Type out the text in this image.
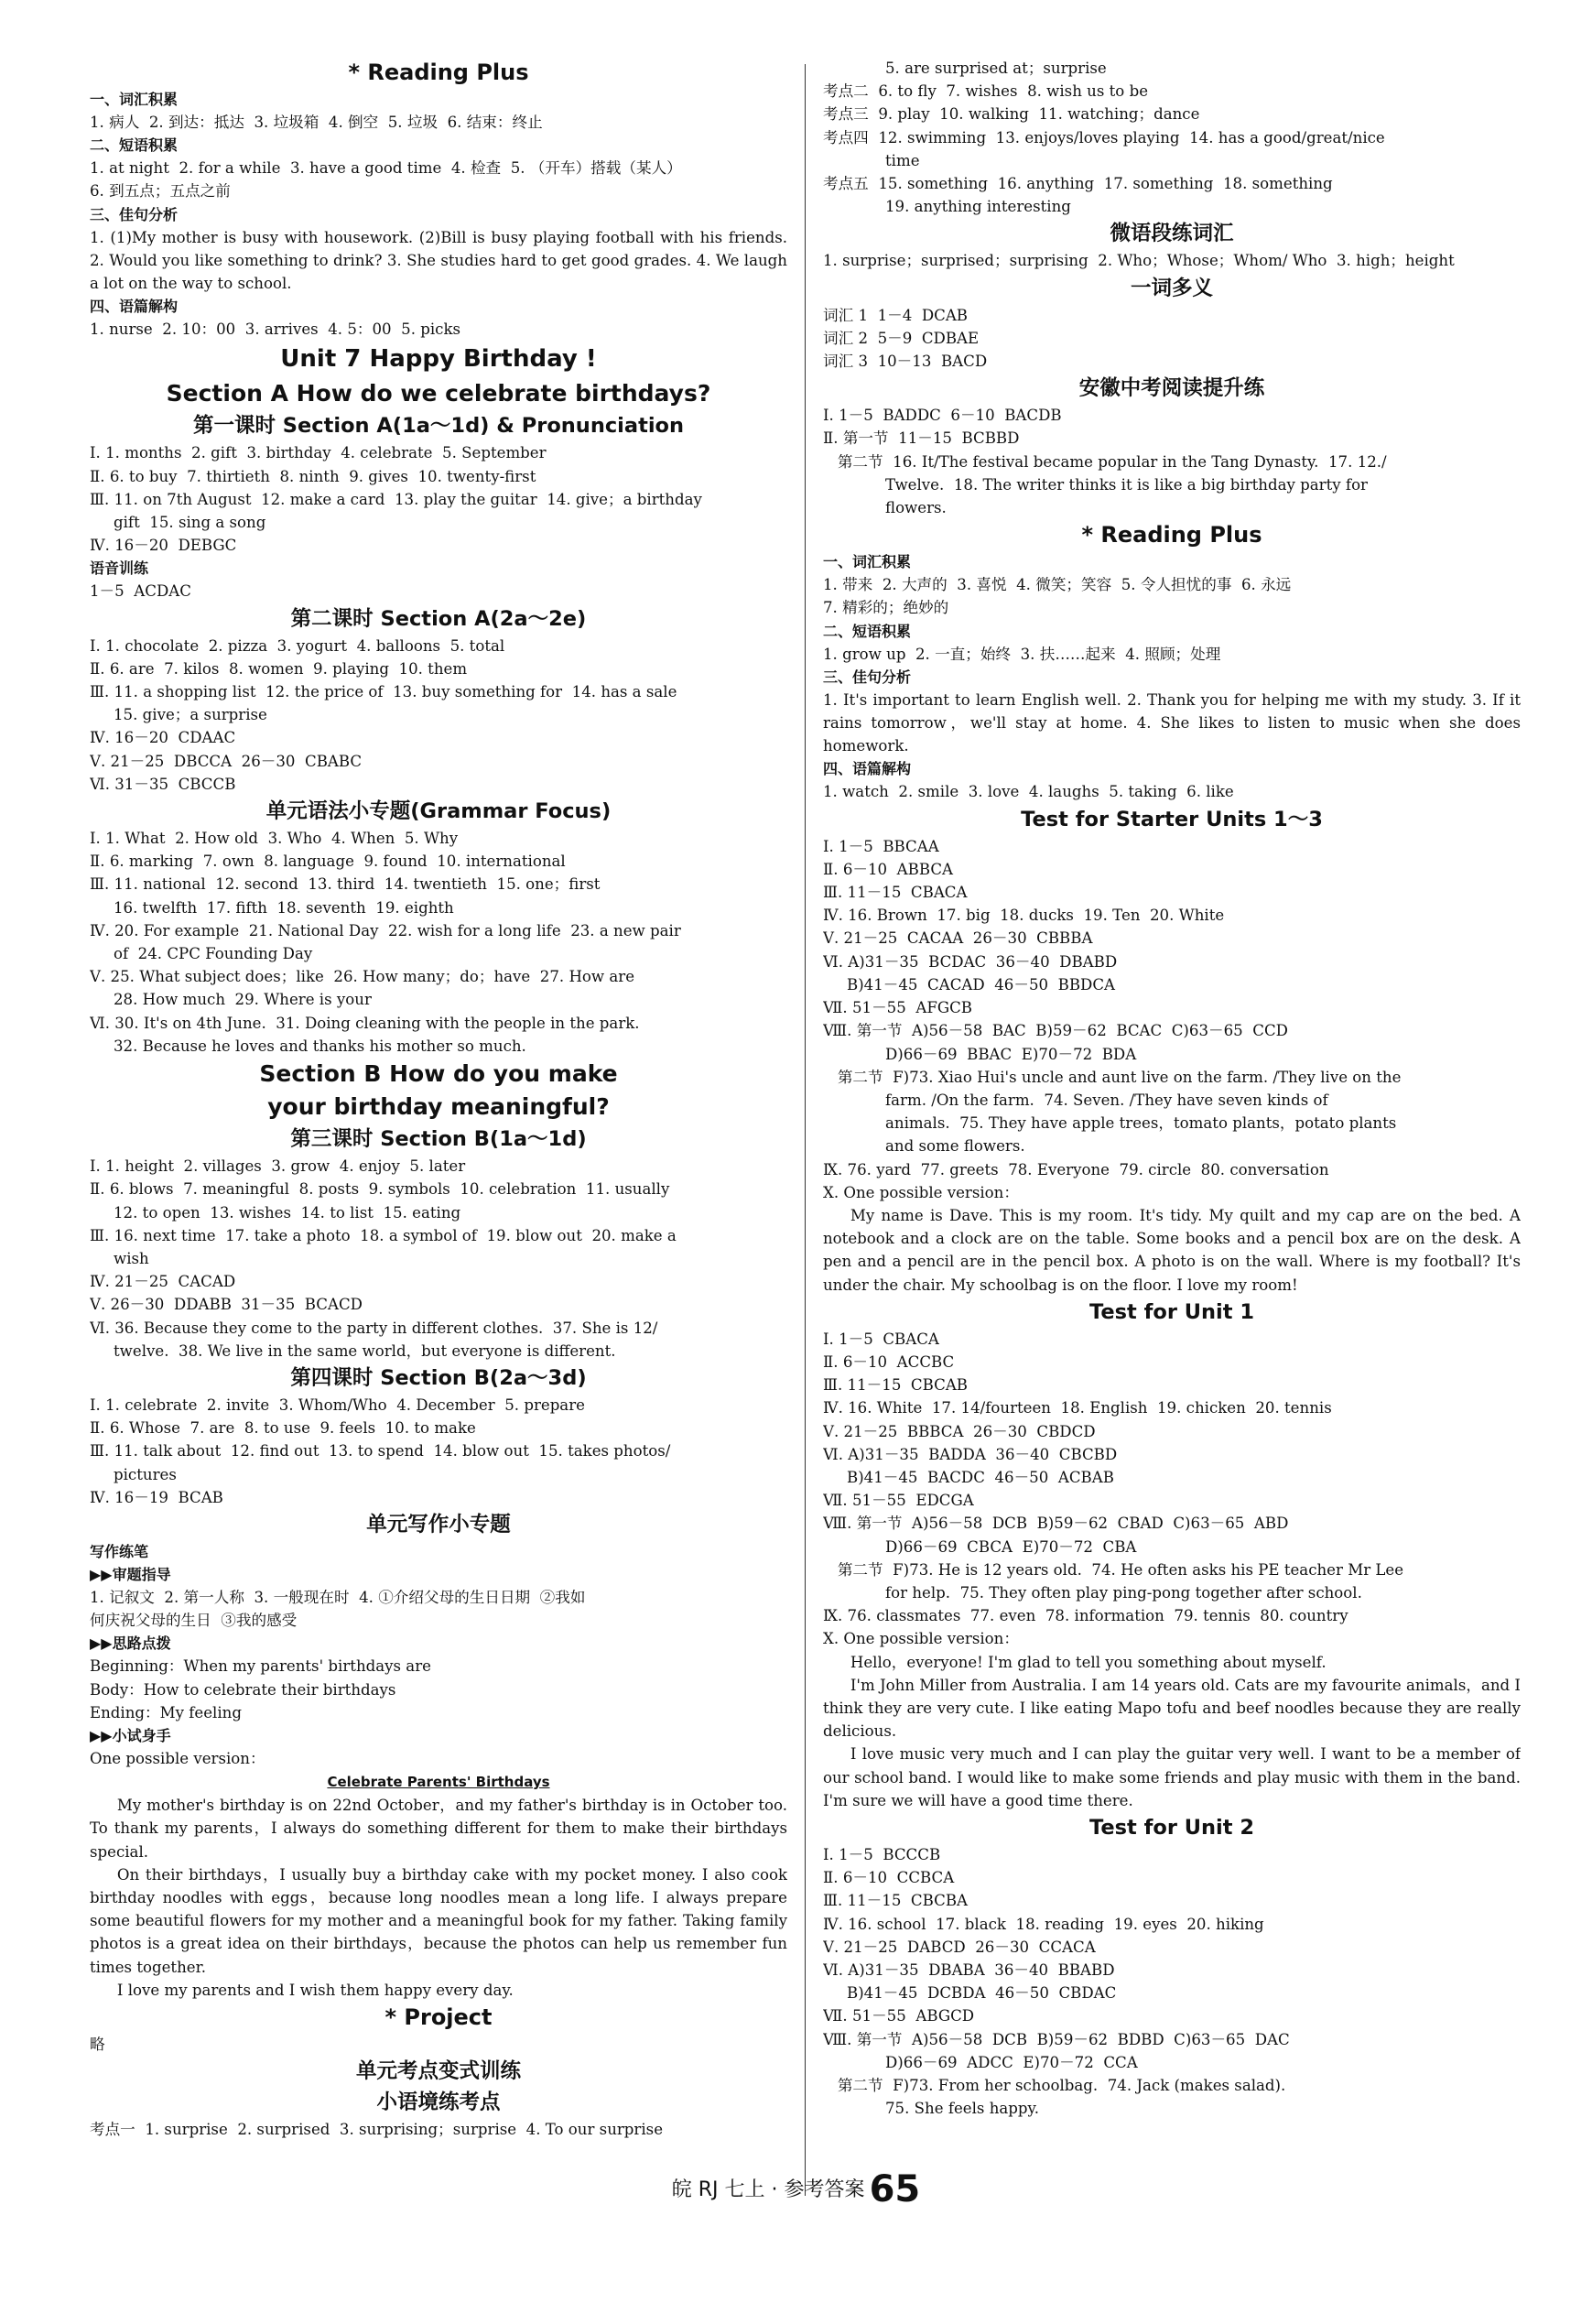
* Reading Plus
一、词汇积累
1. 病人  2. 到达：抵达  3. 垃圾箱  4. 倒空  5. 垃圾  6. 结束：终止
二、短语积累
1. at night  2. for a while  3. have a good time  4. 检查  5. （开车）搭载（某人）
6. 到五点；五点之前
三、佳句分析
1. (1)My mother is busy with housework. (2)Bill is busy playing football with his friends. 2. Would you like something to drink? 3. She studies hard to get good grades. 4. We laugh a lot on the way to school.
四、语篇解构
1. nurse  2. 10：00  3. arrives  4. 5：00  5. picks
Unit 7 Happy Birthday !
Section A How do we celebrate birthdays?
第一课时 Section A(1a～1d) & Pronunciation
Ⅰ. 1. months  2. gift  3. birthday  4. celebrate  5. September
Ⅱ. 6. to buy  7. thirtieth  8. ninth  9. gives  10. twenty-first
Ⅲ. 11. on 7th August  12. make a card  13. play the guitar  14. give；a birthday
gift  15. sing a song
Ⅳ. 16－20  DEBGC
语音训练
1－5  ACDAC
第二课时 Section A(2a～2e)
Ⅰ. 1. chocolate  2. pizza  3. yogurt  4. balloons  5. total
Ⅱ. 6. are  7. kilos  8. women  9. playing  10. them
Ⅲ. 11. a shopping list  12. the price of  13. buy something for  14. has a sale
15. give；a surprise
Ⅳ. 16－20  CDAAC
Ⅴ. 21－25  DBCCA  26－30  CBABC
Ⅵ. 31－35  CBCCB
单元语法小专题(Grammar Focus)
Ⅰ. 1. What  2. How old  3. Who  4. When  5. Why
Ⅱ. 6. marking  7. own  8. language  9. found  10. international
Ⅲ. 11. national  12. second  13. third  14. twentieth  15. one；first
16. twelfth  17. fifth  18. seventh  19. eighth
Ⅳ. 20. For example  21. National Day  22. wish for a long life  23. a new pair
of  24. CPC Founding Day
Ⅴ. 25. What subject does；like  26. How many；do；have  27. How are
28. How much  29. Where is your
Ⅵ. 30. It's on 4th June.  31. Doing cleaning with the people in the park.
32. Because he loves and thanks his mother so much.
Section B How do you make
your birthday meaningful?
第三课时 Section B(1a～1d)
Ⅰ. 1. height  2. villages  3. grow  4. enjoy  5. later
Ⅱ. 6. blows  7. meaningful  8. posts  9. symbols  10. celebration  11. usually
12. to open  13. wishes  14. to list  15. eating
Ⅲ. 16. next time  17. take a photo  18. a symbol of  19. blow out  20. make a
wish
Ⅳ. 21－25  CACAD
Ⅴ. 26－30  DDABB  31－35  BCACD
Ⅵ. 36. Because they come to the party in different clothes.  37. She is 12/
twelve.  38. We live in the same world，but everyone is different.
第四课时 Section B(2a～3d)
Ⅰ. 1. celebrate  2. invite  3. Whom/Who  4. December  5. prepare
Ⅱ. 6. Whose  7. are  8. to use  9. feels  10. to make
Ⅲ. 11. talk about  12. find out  13. to spend  14. blow out  15. takes photos/
pictures
Ⅳ. 16－19  BCAB
单元写作小专题
写作练笔
▶▶审题指导
1. 记叙文  2. 第一人称  3. 一般现在时  4. ①介绍父母的生日日期  ②我如
何庆祝父母的生日  ③我的感受
▶▶思路点拨
Beginning：When my parents' birthdays are
Body：How to celebrate their birthdays
Ending：My feeling
▶▶小试身手
One possible version：
Celebrate Parents' Birthdays
My mother's birthday is on 22nd October，and my father's birthday is in October too. To thank my parents，I always do something different for them to make their birthdays special.
On their birthdays，I usually buy a birthday cake with my pocket money. I also cook birthday noodles with eggs，because long noodles mean a long life. I always prepare some beautiful flowers for my mother and a meaningful book for my father. Taking family photos is a great idea on their birthdays，because the photos can help us remember fun times together.
I love my parents and I wish them happy every day.
* Project
略
单元考点变式训练
小语境练考点
考点一  1. surprise  2. surprised  3. surprising；surprise  4. To our surprise
5. are surprised at；surprise
考点二  6. to fly  7. wishes  8. wish us to be
考点三  9. play  10. walking  11. watching；dance
考点四  12. swimming  13. enjoys/loves playing  14. has a good/great/nice
time
考点五  15. something  16. anything  17. something  18. something
19. anything interesting
微语段练词汇
1. surprise；surprised；surprising  2. Who；Whose；Whom/ Who  3. high；height
一词多义
词汇 1  1－4  DCAB
词汇 2  5－9  CDBAE
词汇 3  10－13  BACD
安徽中考阅读提升练
Ⅰ. 1－5  BADDC  6－10  BACDB
Ⅱ. 第一节  11－15  BCBBD
第二节  16. It/The festival became popular in the Tang Dynasty.  17. 12./
Twelve.  18. The writer thinks it is like a big birthday party for
flowers.
* Reading Plus
一、词汇积累
1. 带来  2. 大声的  3. 喜悦  4. 微笑；笑容  5. 令人担忧的事  6. 永远
7. 精彩的；绝妙的
二、短语积累
1. grow up  2. 一直；始终  3. 扶……起来  4. 照顾；处理
三、佳句分析
1. It's important to learn English well. 2. Thank you for helping me with my study. 3. If it rains tomorrow，we'll stay at home. 4. She likes to listen to music when she does homework.
四、语篇解构
1. watch  2. smile  3. love  4. laughs  5. taking  6. like
Test for Starter Units 1～3
Ⅰ. 1－5  BBCAA
Ⅱ. 6－10  ABBCA
Ⅲ. 11－15  CBACA
Ⅳ. 16. Brown  17. big  18. ducks  19. Ten  20. White
Ⅴ. 21－25  CACAA  26－30  CBBBA
Ⅵ. A)31－35  BCDAC  36－40  DBABD
B)41－45  CACAD  46－50  BBDCA
Ⅶ. 51－55  AFGCB
Ⅷ. 第一节  A)56－58  BAC  B)59－62  BCAC  C)63－65  CCD
D)66－69  BBAC  E)70－72  BDA
第二节  F)73. Xiao Hui's uncle and aunt live on the farm. /They live on the
farm. /On the farm.  74. Seven. /They have seven kinds of
animals.  75. They have apple trees，tomato plants，potato plants
and some flowers.
Ⅸ. 76. yard  77. greets  78. Everyone  79. circle  80. conversation
Ⅹ. One possible version：
My name is Dave. This is my room. It's tidy. My quilt and my cap are on the bed. A notebook and a clock are on the table. Some books and a pencil box are on the desk. A pen and a pencil are in the pencil box. A photo is on the wall. Where is my football? It's under the chair. My schoolbag is on the floor. I love my room!
Test for Unit 1
Ⅰ. 1－5  CBACA
Ⅱ. 6－10  ACCBC
Ⅲ. 11－15  CBCAB
Ⅳ. 16. White  17. 14/fourteen  18. English  19. chicken  20. tennis
Ⅴ. 21－25  BBBCA  26－30  CBDCD
Ⅵ. A)31－35  BADDA  36－40  CBCBD
B)41－45  BACDC  46－50  ACBAB
Ⅶ. 51－55  EDCGA
Ⅷ. 第一节  A)56－58  DCB  B)59－62  CBAD  C)63－65  ABD
D)66－69  CBCA  E)70－72  CBA
第二节  F)73. He is 12 years old.  74. He often asks his PE teacher Mr Lee
for help.  75. They often play ping-pong together after school.
Ⅸ. 76. classmates  77. even  78. information  79. tennis  80. country
Ⅹ. One possible version：
Hello，everyone! I'm glad to tell you something about myself.
I'm John Miller from Australia. I am 14 years old. Cats are my favourite animals，and I think they are very cute. I like eating Mapo tofu and beef noodles because they are really delicious.
I love music very much and I can play the guitar very well. I want to be a member of our school band. I would like to make some friends and play music with them in the band. I'm sure we will have a good time there.
Test for Unit 2
Ⅰ. 1－5  BCCCB
Ⅱ. 6－10  CCBCA
Ⅲ. 11－15  CBCBA
Ⅳ. 16. school  17. black  18. reading  19. eyes  20. hiking
Ⅴ. 21－25  DABCD  26－30  CCACA
Ⅵ. A)31－35  DBABA  36－40  BBABD
B)41－45  DCBDA  46－50  CBDAC
Ⅶ. 51－55  ABGCD
Ⅷ. 第一节  A)56－58  DCB  B)59－62  BDBD  C)63－65  DAC
D)66－69  ADCC  E)70－72  CCA
第二节  F)73. From her schoolbag.  74. Jack (makes salad).
75. She feels happy.
皖 RJ 七上 · 参考答案 65
